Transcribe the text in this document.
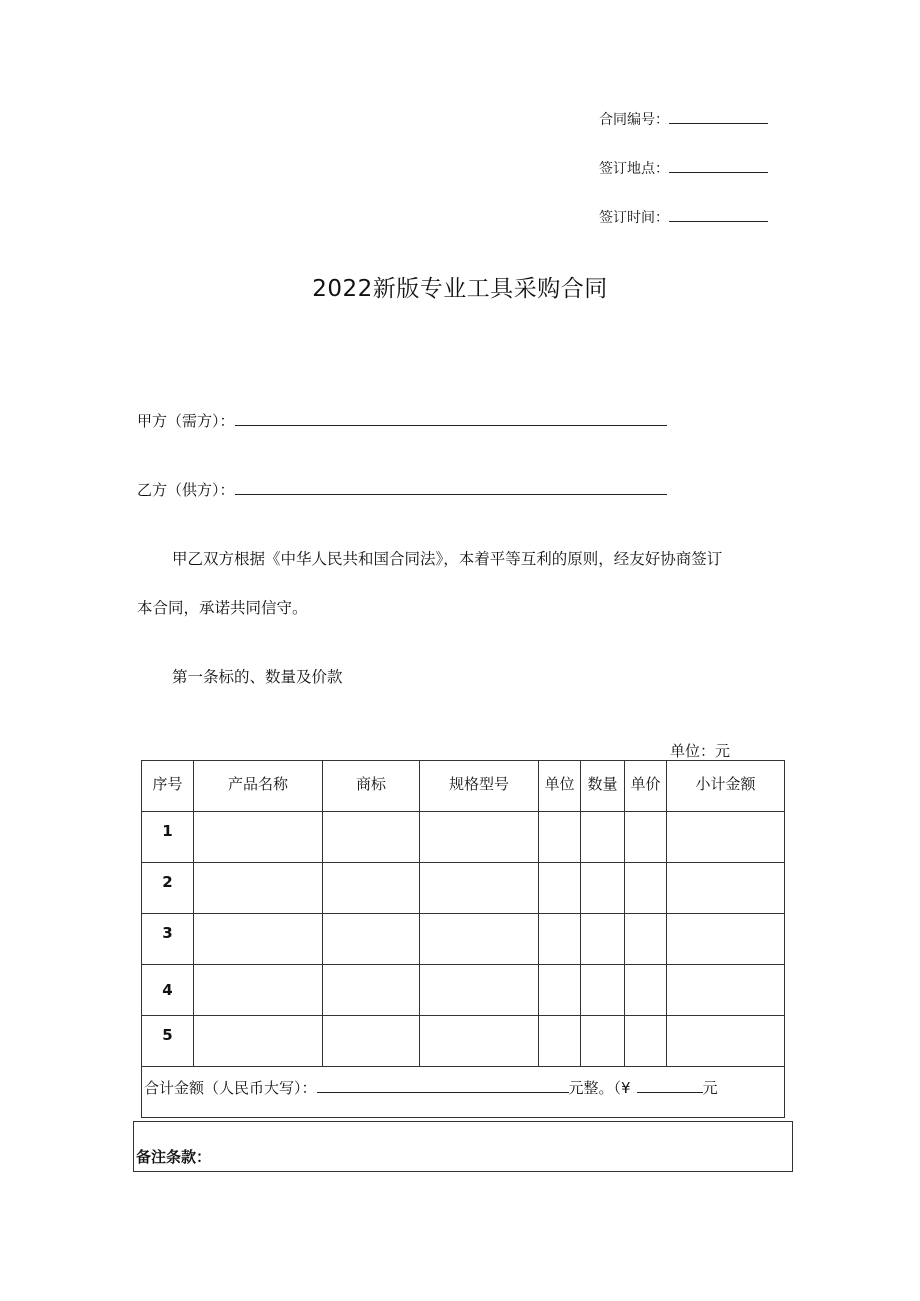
合同编号：
签订地点：
签订时间：
2022新版专业工具采购合同
甲方（需方）：
乙方（供方）：
甲乙双方根据《中华人民共和国合同法》，本着平等互利的原则，经友好协商签订
本合同，承诺共同信守。
第一条标的、数量及价款
单位：元
序号	产品名称	商标	规格型号	单位	数量	单价	小计金额
1							
2							
3							
4							
5							
合计金额（人民币大写）： 元整。（¥ 元							
备注条款：
